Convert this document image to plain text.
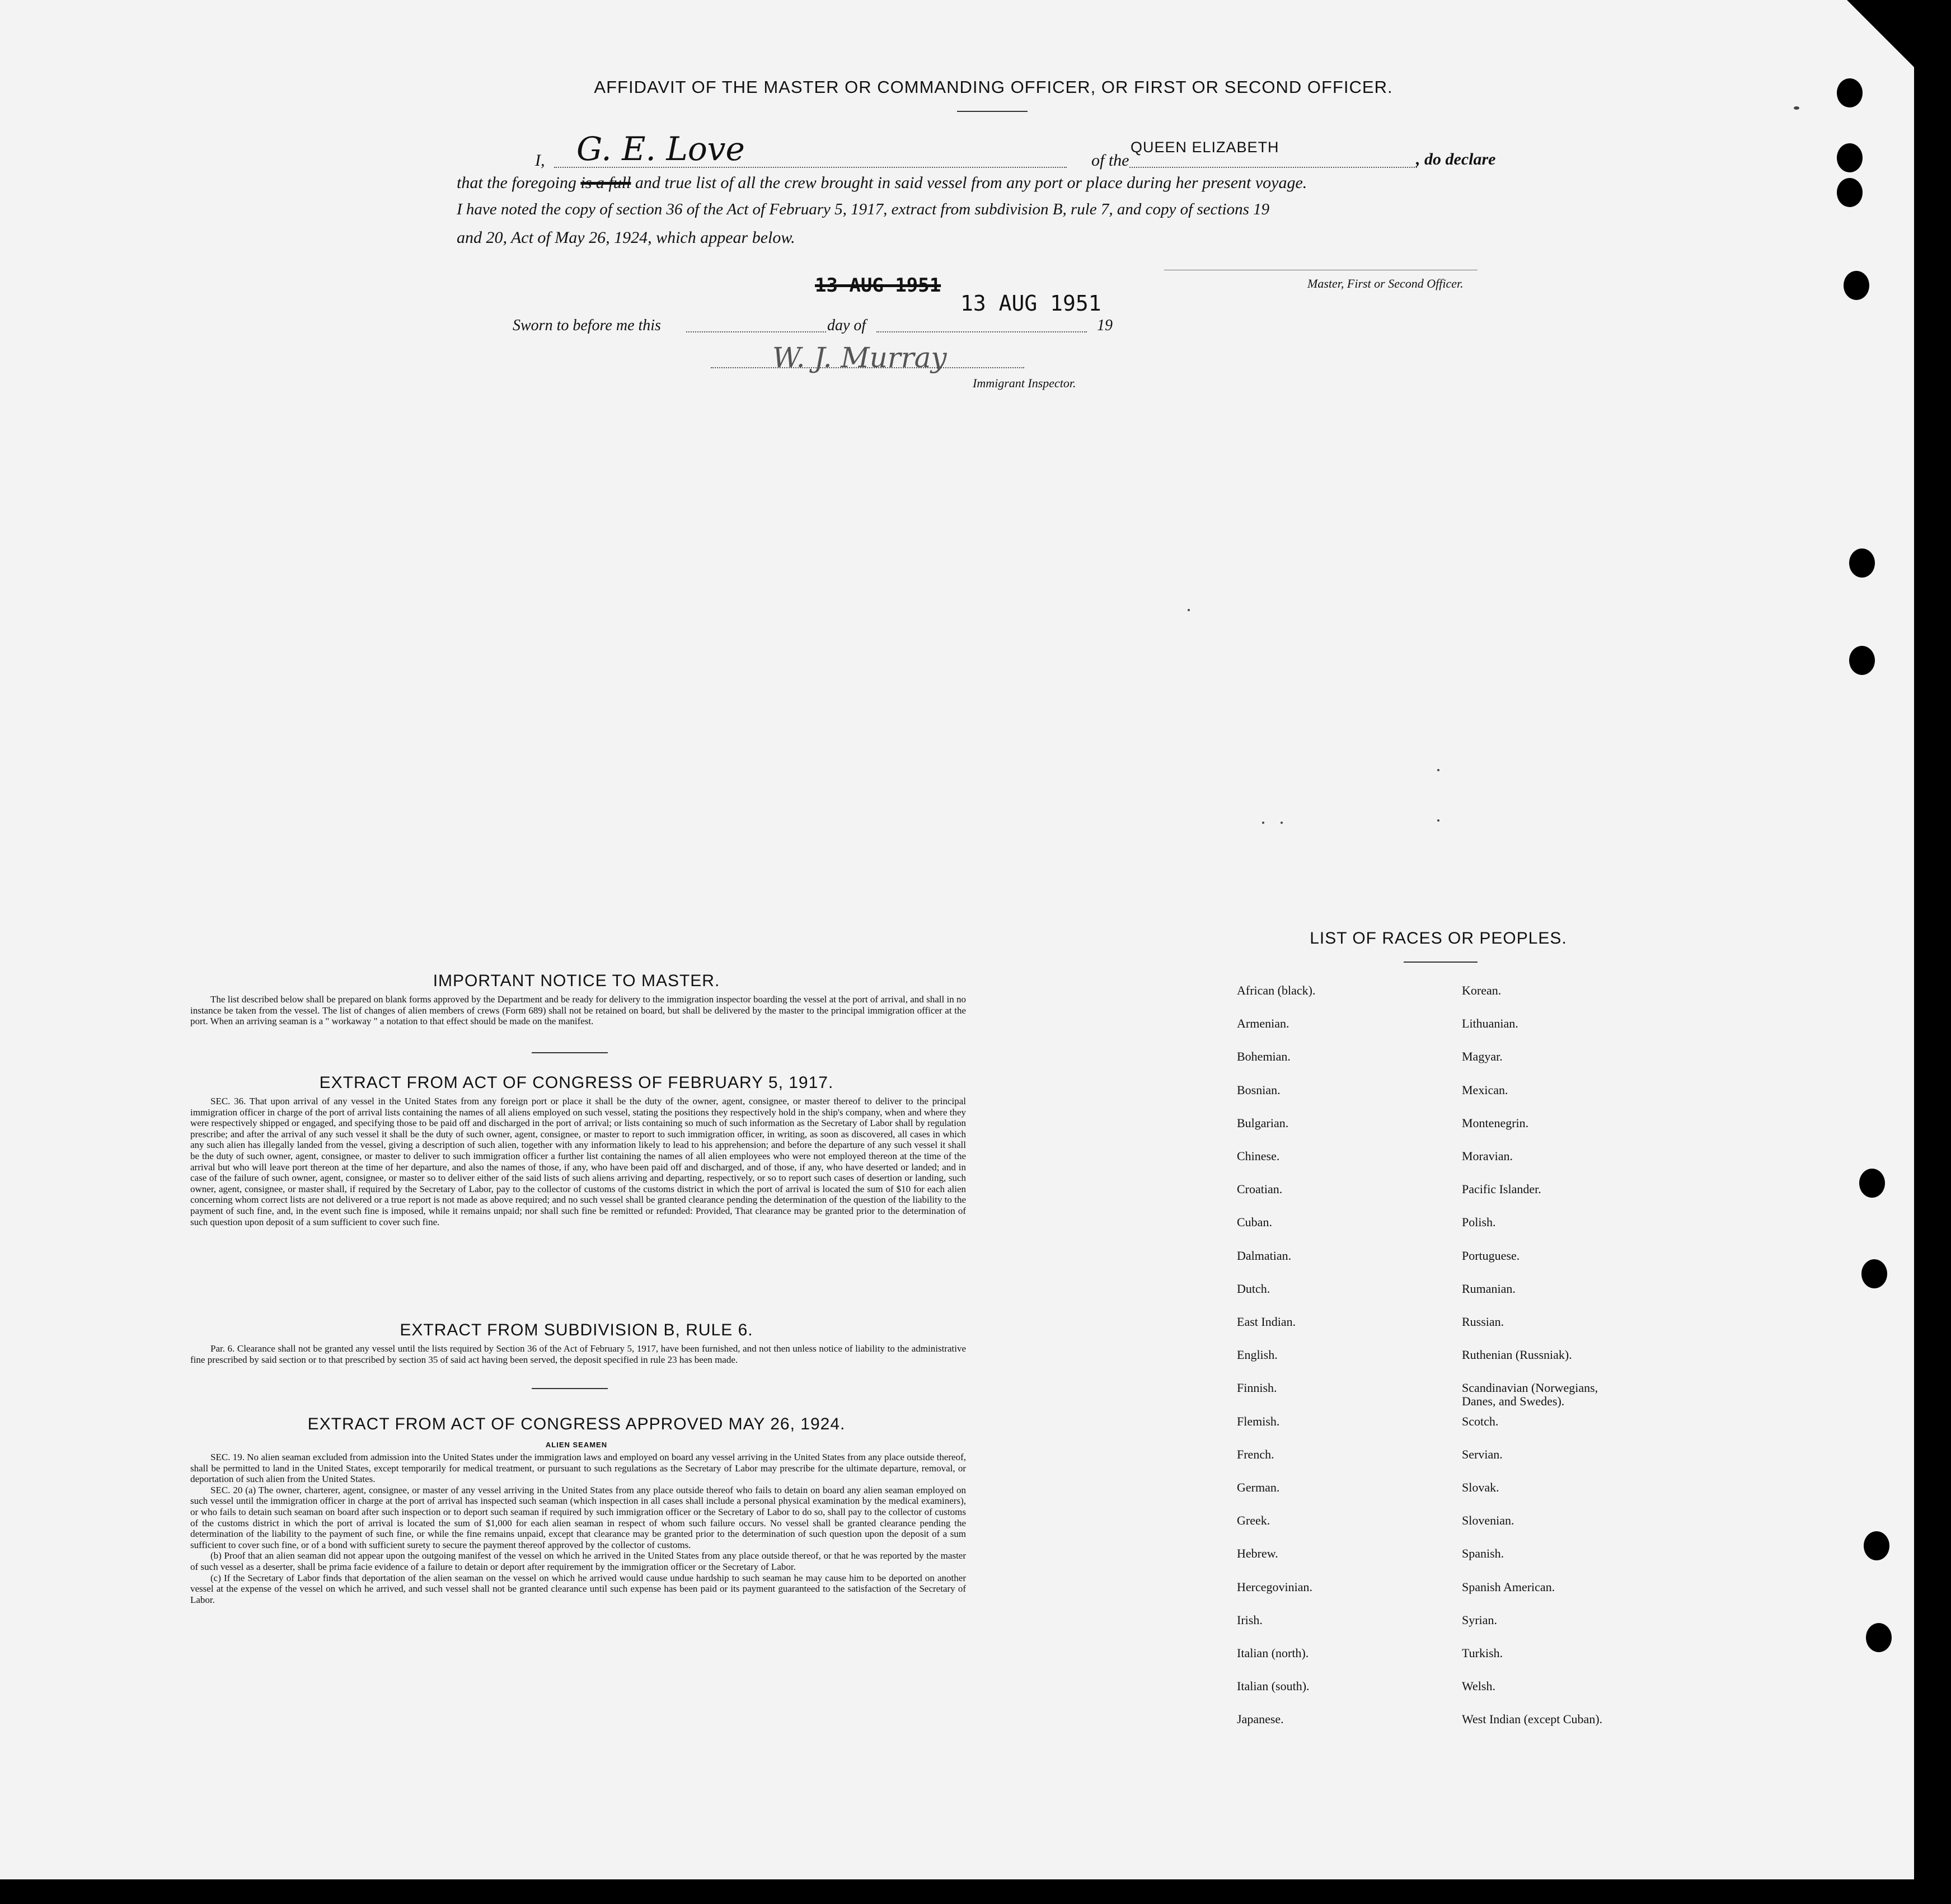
AFFIDAVIT OF THE MASTER OR COMMANDING OFFICER, OR FIRST OR SECOND OFFICER.
I, G. E. Love	of the
QUEEN ELIZABETH
, do declare
that the foregoing is a full and true list of all the crew brought in said vessel from any port or place during her present voyage.
I have noted the copy of section 36 of the Act of February 5, 1917, extract from subdivision B, rule 7, and copy of sections 19
and 20, Act of May 26, 1924, which appear below.
Master, First or Second Officer.
13 AUG 1951
Sworn to before me this	day of
13 AUG 1951
19
W. J. Murray
Immigrant Inspector.
IMPORTANT NOTICE TO MASTER.

The list described below shall be prepared on blank forms approved by the Department and be ready for delivery to the immigration inspector boarding the vessel at the port of arrival, and shall in no instance be taken from the vessel. The list of changes of alien members of crews (Form 689) shall not be retained on board, but shall be delivered by the master to the principal immigration officer at the port. When an arriving seaman is a " workaway " a notation to that effect should be made on the manifest.

EXTRACT FROM ACT OF CONGRESS OF FEBRUARY 5, 1917.

SEC. 36. That upon arrival of any vessel in the United States from any foreign port or place it shall be the duty of the owner, agent, consignee, or master thereof to deliver to the principal immigration officer in charge of the port of arrival lists containing the names of all aliens employed on such vessel, stating the positions they respectively hold in the ship's company, when and where they were respectively shipped or engaged, and specifying those to be paid off and discharged in the port of arrival; or lists containing so much of such information as the Secretary of Labor shall by regulation prescribe; and after the arrival of any such vessel it shall be the duty of such owner, agent, consignee, or master to report to such immigration officer, in writing, as soon as discovered, all cases in which any such alien has illegally landed from the vessel, giving a description of such alien, together with any information likely to lead to his apprehension; and before the departure of any such vessel it shall be the duty of such owner, agent, consignee, or master to deliver to such immigration officer a further list containing the names of all alien employees who were not employed thereon at the time of the arrival but who will leave port thereon at the time of her departure, and also the names of those, if any, who have been paid off and discharged, and of those, if any, who have deserted or landed; and in case of the failure of such owner, agent, consignee, or master so to deliver either of the said lists of such aliens arriving and departing, respectively, or so to report such cases of desertion or landing, such owner, agent, consignee, or master shall, if required by the Secretary of Labor, pay to the collector of customs of the customs district in which the port of arrival is located the sum of $10 for each alien concerning whom correct lists are not delivered or a true report is not made as above required; and no such vessel shall be granted clearance pending the determination of the question of the liability to the payment of such fine, and, in the event such fine is imposed, while it remains unpaid; nor shall such fine be remitted or refunded: Provided, That clearance may be granted prior to the determination of such question upon deposit of a sum sufficient to cover such fine.

EXTRACT FROM SUBDIVISION B, RULE 6.

Par. 6. Clearance shall not be granted any vessel until the lists required by Section 36 of the Act of February 5, 1917, have been furnished, and not then unless notice of liability to the administrative fine prescribed by said section or to that prescribed by section 35 of said act having been served, the deposit specified in rule 23 has been made.

EXTRACT FROM ACT OF CONGRESS APPROVED MAY 26, 1924.
ALIEN SEAMEN

SEC. 19. No alien seaman excluded from admission into the United States under the immigration laws and employed on board any vessel arriving in the United States from any place outside thereof, shall be permitted to land in the United States, except temporarily for medical treatment, or pursuant to such regulations as the Secretary of Labor may prescribe for the ultimate departure, removal, or deportation of such alien from the United States.

SEC. 20 (a) The owner, charterer, agent, consignee, or master of any vessel arriving in the United States from any place outside thereof who fails to detain on board any alien seaman employed on such vessel until the immigration officer in charge at the port of arrival has inspected such seaman (which inspection in all cases shall include a personal physical examination by the medical examiners), or who fails to detain such seaman on board after such inspection or to deport such seaman if required by such immigration officer or the Secretary of Labor to do so, shall pay to the collector of customs of the customs district in which the port of arrival is located the sum of $1,000 for each alien seaman in respect of whom such failure occurs. No vessel shall be granted clearance pending the determination of the liability to the payment of such fine, or while the fine remains unpaid, except that clearance may be granted prior to the determination of such question upon the deposit of a sum sufficient to cover such fine, or of a bond with sufficient surety to secure the payment thereof approved by the collector of customs.

(b) Proof that an alien seaman did not appear upon the outgoing manifest of the vessel on which he arrived in the United States from any place outside thereof, or that he was reported by the master of such vessel as a deserter, shall be prima facie evidence of a failure to detain or deport after requirement by the immigration officer or the Secretary of Labor.

(c) If the Secretary of Labor finds that deportation of the alien seaman on the vessel on which he arrived would cause undue hardship to such seaman he may cause him to be deported on another vessel at the expense of the vessel on which he arrived, and such vessel shall not be granted clearance until such expense has been paid or its payment guaranteed to the satisfaction of the Secretary of Labor.

LIST OF RACES OR PEOPLES.
African (black).
Armenian.
Bohemian.
Bosnian.
Bulgarian.
Chinese.
Croatian.
Cuban.
Dalmatian.
Dutch.
East Indian.
English.
Finnish.
Flemish.
French.
German.
Greek.
Hebrew.
Hercegovinian.
Irish.
Italian (north).
Italian (south).
Japanese.
Korean.
Lithuanian.
Magyar.
Mexican.
Montenegrin.
Moravian.
Pacific Islander.
Polish.
Portuguese.
Rumanian.
Russian.
Ruthenian (Russniak).
Scandinavian (Norwegians,
Danes, and Swedes).
Scotch.
Servian.
Slovak.
Slovenian.
Spanish.
Spanish American.
Syrian.
Turkish.
Welsh.
West Indian (except Cuban).
